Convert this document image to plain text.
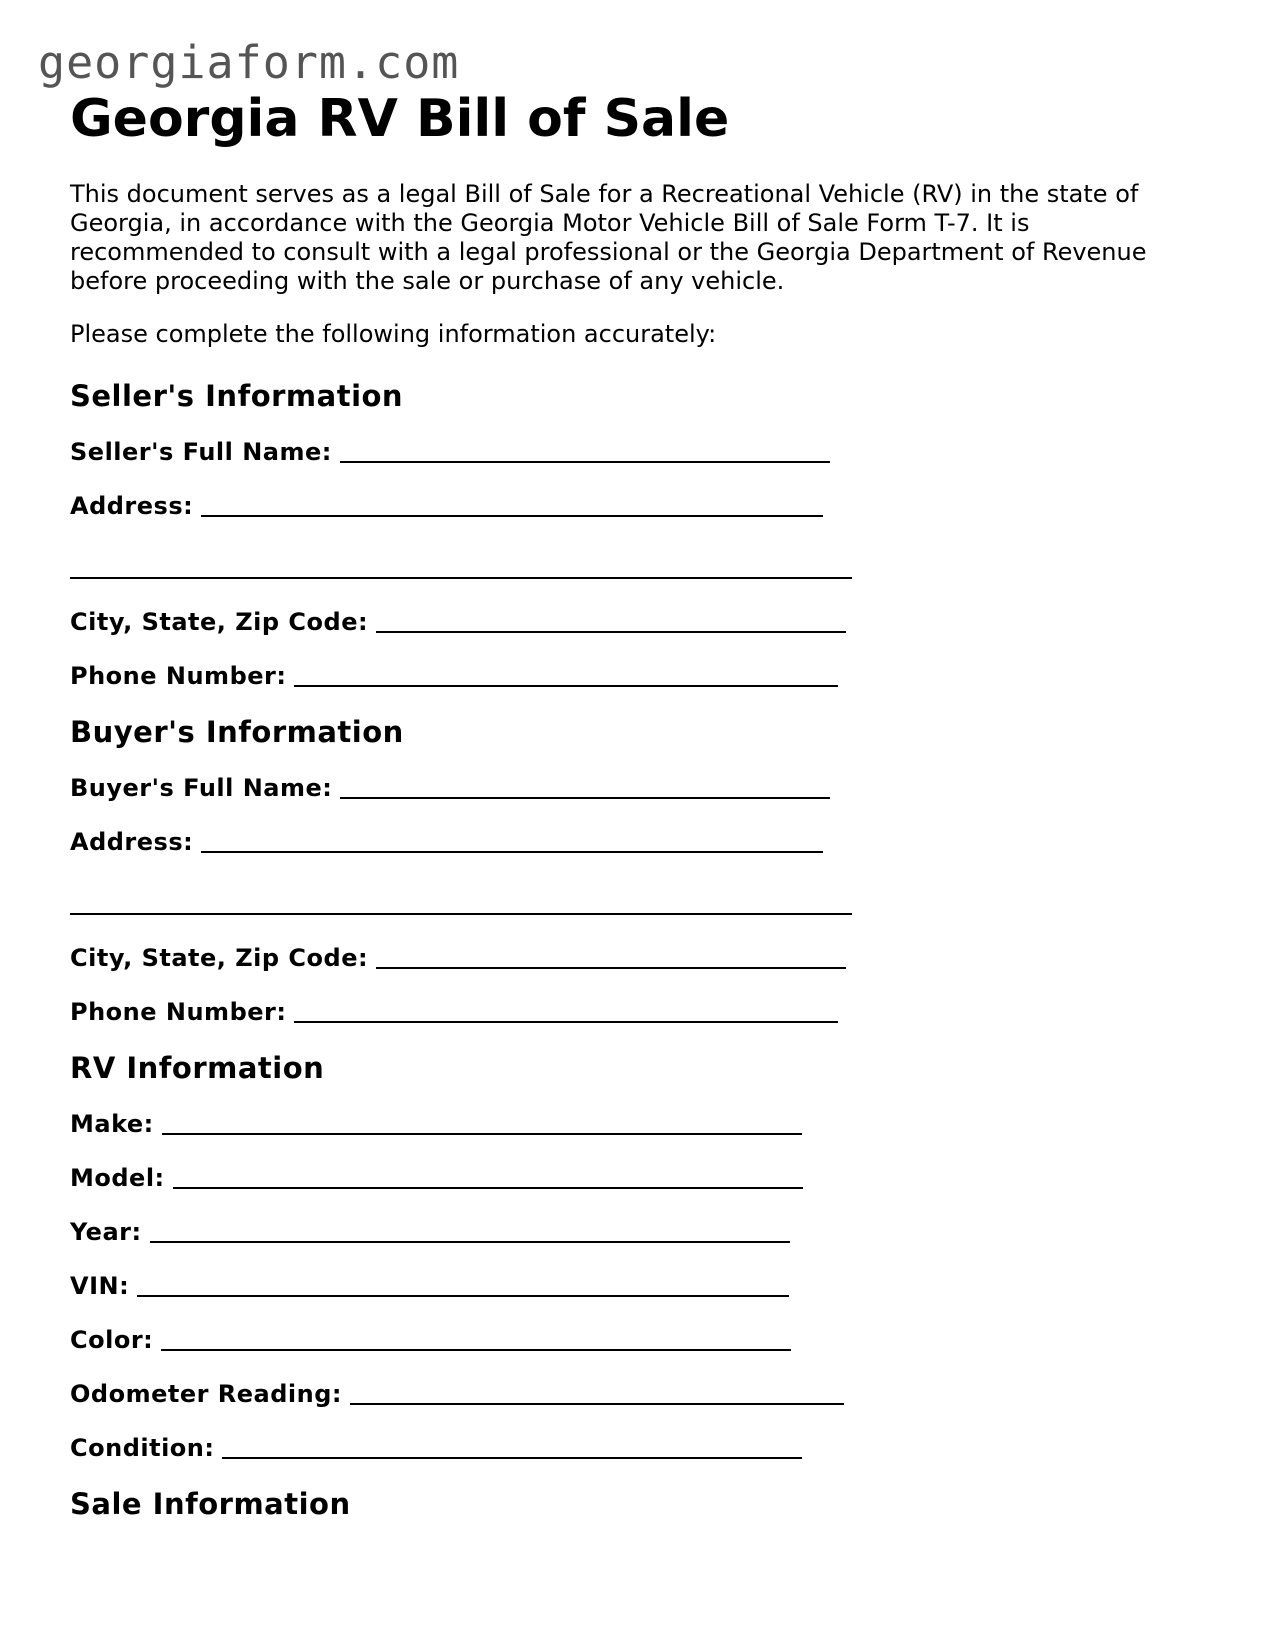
georgiaform.com
Georgia RV Bill of Sale

This document serves as a legal Bill of Sale for a Recreational Vehicle (RV) in the state of Georgia, in accordance with the Georgia Motor Vehicle Bill of Sale Form T-7. It is recommended to consult with a legal professional or the Georgia Department of Revenue before proceeding with the sale or purchase of any vehicle.

Please complete the following information accurately:

Seller's Information
Seller's Full Name:
Address:
City, State, Zip Code:
Phone Number:
Buyer's Information
Buyer's Full Name:
Address:
City, State, Zip Code:
Phone Number:
RV Information
Make:
Model:
Year:
VIN:
Color:
Odometer Reading:
Condition:
Sale Information
